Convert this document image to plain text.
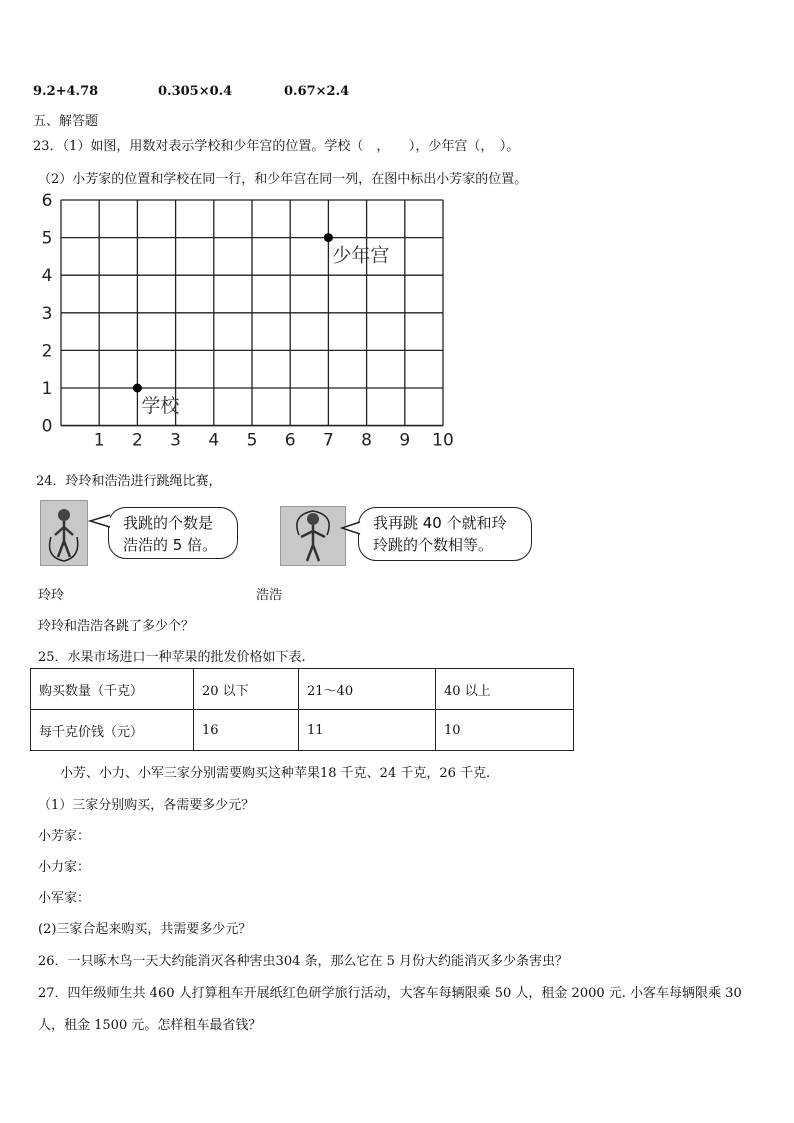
9.2+4.78	0.305×0.4	0.67×2.4
五、解答题
23．（1）如图，用数对表示学校和少年宫的位置。学校（　，　　），少年宫（，　）。
（2）小芳家的位置和学校在同一行，和少年宫在同一列，在图中标出小芳家的位置。
1 2 3 4 5 6 7 8 9 10
0
1
2
3
4
5
6
学校
少年宫
24．玲玲和浩浩进行跳绳比赛，
我跳的个数是
浩浩的 5 倍。
我再跳 40 个就和玲
玲跳的个数相等。
玲玲	浩浩
玲玲和浩浩各跳了多少个？
25．水果市场进口一种苹果的批发价格如下表.
购买数量（千克）	20 以下	21～40	40 以上
每千克价钱（元）	16	11	10
小芳、小力、小军三家分别需要购买这种苹果18 千克、24 千克，26 千克.
（1）三家分别购买，各需要多少元？
小芳家：
小力家：
小军家：
(2)三家合起来购买，共需要多少元？
26．一只啄木鸟一天大约能消灭各种害虫304 条，那么它在 5 月份大约能消灭多少条害虫？
27．四年级师生共 460 人打算租车开展纸红色研学旅行活动，大客车每辆限乘 50 人，租金 2000 元. 小客车每辆限乘 30
人，租金 1500 元。怎样租车最省钱？
